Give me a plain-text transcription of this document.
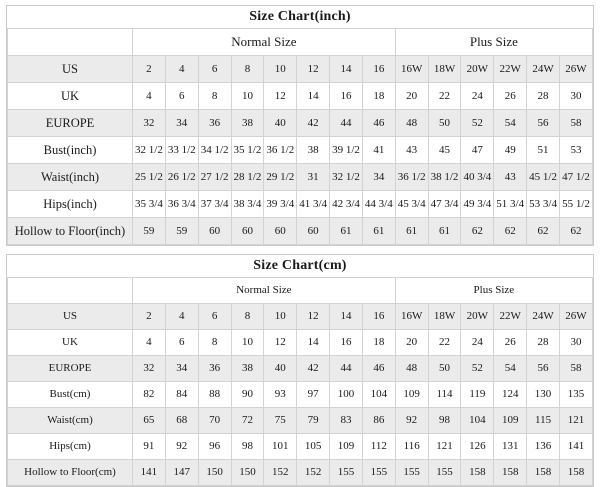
Size Chart(inch)
	Normal Size								Plus Size					
US	2	4	6	8	10	12	14	16	16W	18W	20W	22W	24W	26W
UK	4	6	8	10	12	14	16	18	20	22	24	26	28	30
EUROPE	32	34	36	38	40	42	44	46	48	50	52	54	56	58
Bust(inch)	32 1/2	33 1/2	34 1/2	35 1/2	36 1/2	38	39 1/2	41	43	45	47	49	51	53
Waist(inch)	25 1/2	26 1/2	27 1/2	28 1/2	29 1/2	31	32 1/2	34	36 1/2	38 1/2	40 3/4	43	45 1/2	47 1/2
Hips(inch)	35 3/4	36 3/4	37 3/4	38 3/4	39 3/4	41 3/4	42 3/4	44 3/4	45 3/4	47 3/4	49 3/4	51 3/4	53 3/4	55 1/2
Hollow to Floor(inch)	59	59	60	60	60	60	61	61	61	61	62	62	62	62
Size Chart(cm)
	Normal Size								Plus Size					
US	2	4	6	8	10	12	14	16	16W	18W	20W	22W	24W	26W
UK	4	6	8	10	12	14	16	18	20	22	24	26	28	30
EUROPE	32	34	36	38	40	42	44	46	48	50	52	54	56	58
Bust(cm)	82	84	88	90	93	97	100	104	109	114	119	124	130	135
Waist(cm)	65	68	70	72	75	79	83	86	92	98	104	109	115	121
Hips(cm)	91	92	96	98	101	105	109	112	116	121	126	131	136	141
Hollow to Floor(cm)	141	147	150	150	152	152	155	155	155	155	158	158	158	158
